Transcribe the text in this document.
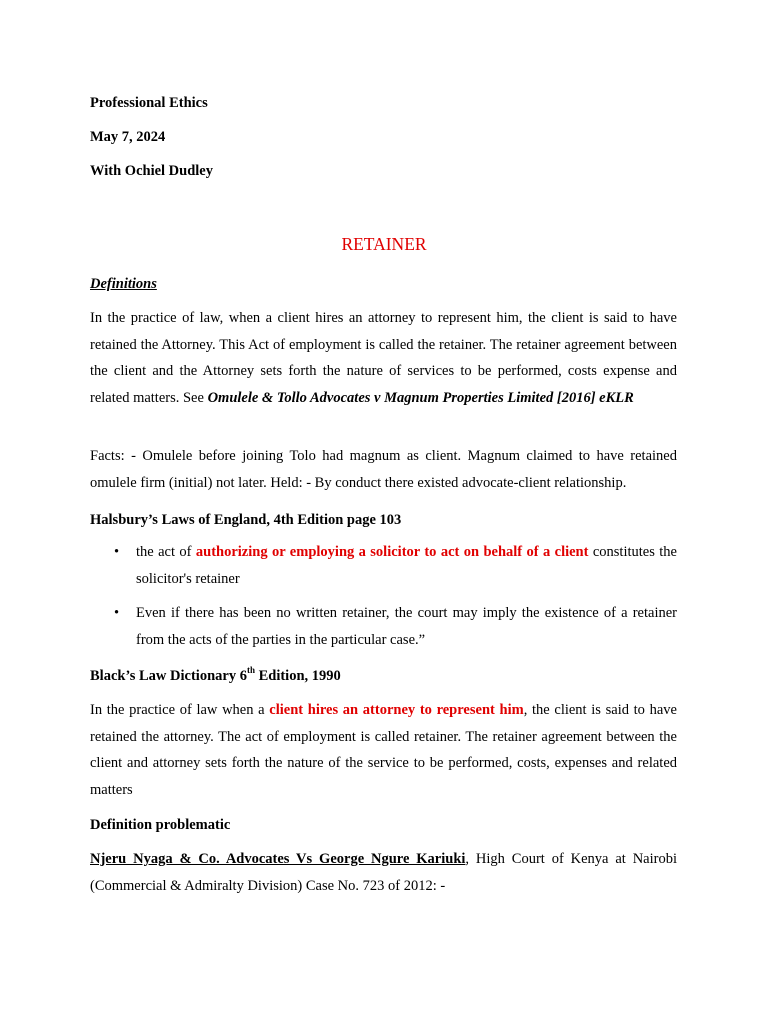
Professional Ethics

May 7, 2024

With Ochiel Dudley

RETAINER

Definitions

In the practice of law, when a client hires an attorney to represent him, the client is said to have retained the Attorney. This Act of employment is called the retainer. The retainer agreement between the client and the Attorney sets forth the nature of services to be performed, costs expense and related matters. See Omulele & Tollo Advocates v Magnum Properties Limited [2016] eKLR

Facts: - Omulele before joining Tolo had magnum as client. Magnum claimed to have retained omulele firm (initial) not later. Held: - By conduct there existed advocate-client relationship.

Halsbury’s Laws of England, 4th Edition page 103

• the act of authorizing or employing a solicitor to act on behalf of a client constitutes the solicitor's retainer
• Even if there has been no written retainer, the court may imply the existence of a retainer from the acts of the parties in the particular case.”

Black’s Law Dictionary 6th Edition, 1990

In the practice of law when a client hires an attorney to represent him, the client is said to have retained the attorney. The act of employment is called retainer. The retainer agreement between the client and attorney sets forth the nature of the service to be performed, costs, expenses and related matters

Definition problematic

Njeru Nyaga & Co. Advocates Vs George Ngure Kariuki, High Court of Kenya at Nairobi (Commercial & Admiralty Division) Case No. 723 of 2012: -
